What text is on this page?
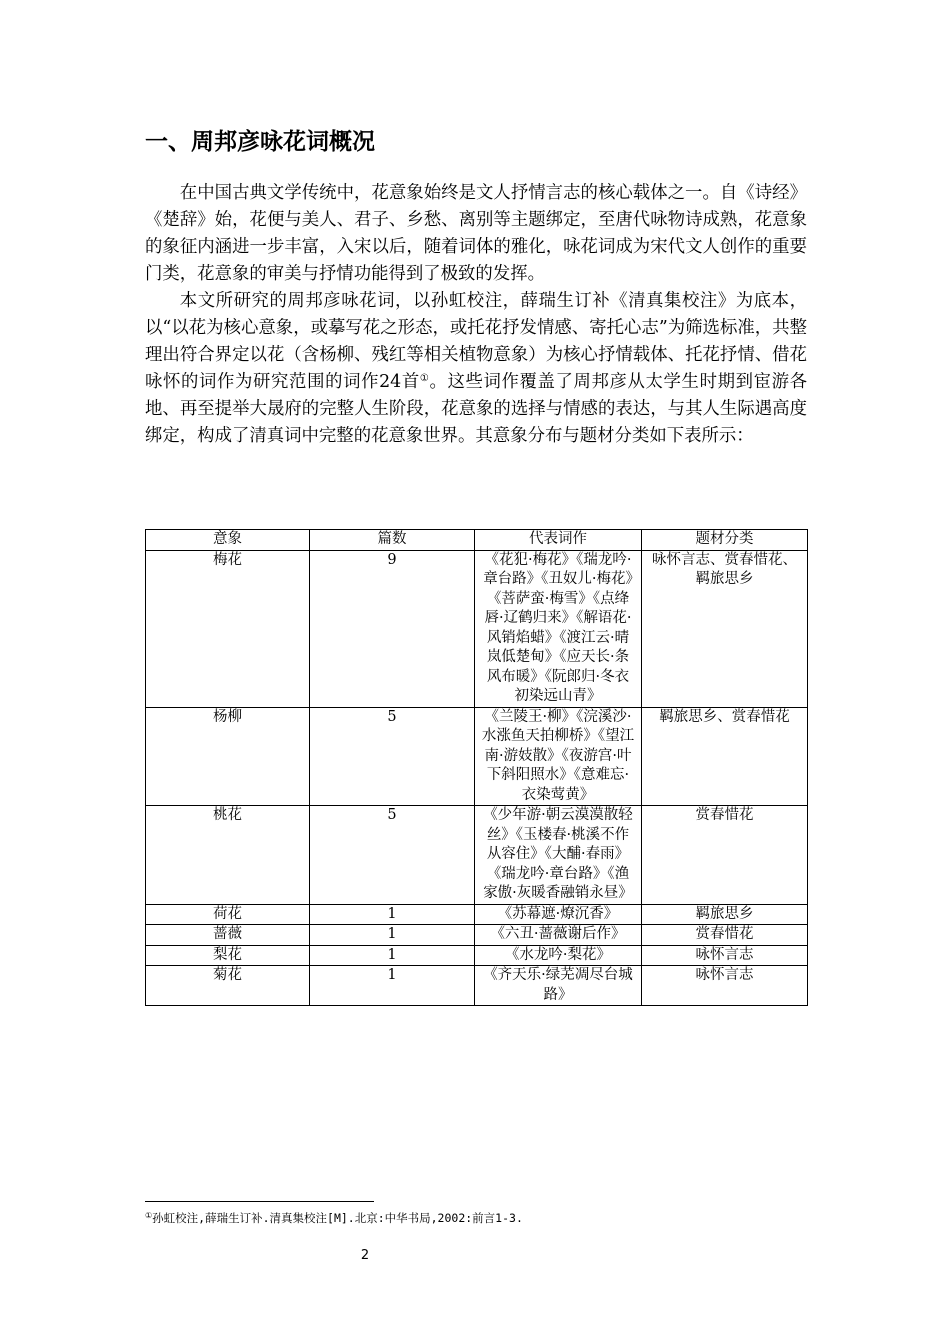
一、周邦彦咏花词概况

在中国古典文学传统中，花意象始终是文人抒情言志的核心载体之一。自《诗经》《楚辞》始，花便与美人、君子、乡愁、离别等主题绑定，至唐代咏物诗成熟，花意象的象征内涵进一步丰富，入宋以后，随着词体的雅化，咏花词成为宋代文人创作的重要门类，花意象的审美与抒情功能得到了极致的发挥。

本文所研究的周邦彦咏花词，以孙虹校注，薛瑞生订补《清真集校注》为底本，以“以花为核心意象，或摹写花之形态，或托花抒发情感、寄托心志”为筛选标准，共整理出符合界定以花（含杨柳、残红等相关植物意象）为核心抒情载体、托花抒情、借花咏怀的词作为研究范围的词作24首①。这些词作覆盖了周邦彦从太学生时期到宦游各地、再至提举大晟府的完整人生阶段，花意象的选择与情感的表达，与其人生际遇高度绑定，构成了清真词中完整的花意象世界。其意象分布与题材分类如下表所示：

意象	篇数	代表词作	题材分类
梅花	9	《花犯·梅花》《瑞龙吟·章台路》《丑奴儿·梅花》《菩萨蛮·梅雪》《点绛唇·辽鹤归来》《解语花·风销焰蜡》《渡江云·晴岚低楚甸》《应天长·条风布暖》《阮郎归·冬衣初染远山青》	咏怀言志、赏春惜花、羁旅思乡
杨柳	5	《兰陵王·柳》《浣溪沙·水涨鱼天拍柳桥》《望江南·游妓散》《夜游宫·叶下斜阳照水》《意难忘·衣染莺黄》	羁旅思乡、赏春惜花
桃花	5	《少年游·朝云漠漠散轻丝》《玉楼春·桃溪不作从容住》《大酺·春雨》《瑞龙吟·章台路》《渔家傲·灰暖香融销永昼》	赏春惜花
荷花	1	《苏幕遮·燎沉香》	羁旅思乡
蔷薇	1	《六丑·蔷薇谢后作》	赏春惜花
梨花	1	《水龙吟·梨花》	咏怀言志
菊花	1	《齐天乐·绿芜凋尽台城路》	咏怀言志

①孙虹校注,薛瑞生订补.清真集校注[M].北京:中华书局,2002:前言1-3.

2
